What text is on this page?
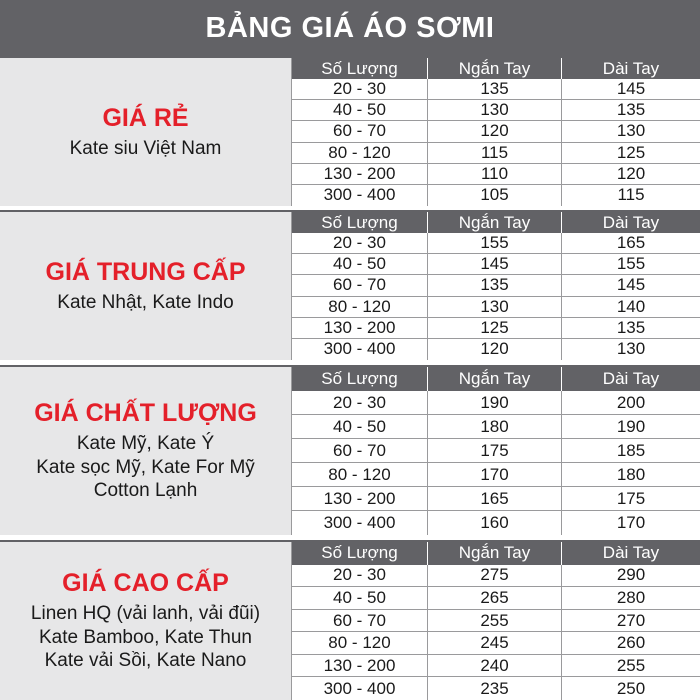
BẢNG GIÁ ÁO SƠMI
GIÁ RẺ
Kate siu Việt Nam
Số Lượng	Ngắn Tay	Dài Tay
20 - 30	135	145
40 - 50	130	135
60 - 70	120	130
80 - 120	115	125
130 - 200	110	120
300 - 400	105	115
GIÁ TRUNG CẤP
Kate Nhật, Kate Indo
Số Lượng	Ngắn Tay	Dài Tay
20 - 30	155	165
40 - 50	145	155
60 - 70	135	145
80 - 120	130	140
130 - 200	125	135
300 - 400	120	130
GIÁ CHẤT LƯỢNG
Kate Mỹ, Kate Ý
Kate sọc Mỹ, Kate For Mỹ
Cotton Lạnh
Số Lượng	Ngắn Tay	Dài Tay
20 - 30	190	200
40 - 50	180	190
60 - 70	175	185
80 - 120	170	180
130 - 200	165	175
300 - 400	160	170
GIÁ CAO CẤP
Linen HQ (vải lanh, vải đũi)
Kate Bamboo, Kate Thun
Kate vải Sồi, Kate Nano
Số Lượng	Ngắn Tay	Dài Tay
20 - 30	275	290
40 - 50	265	280
60 - 70	255	270
80 - 120	245	260
130 - 200	240	255
300 - 400	235	250
